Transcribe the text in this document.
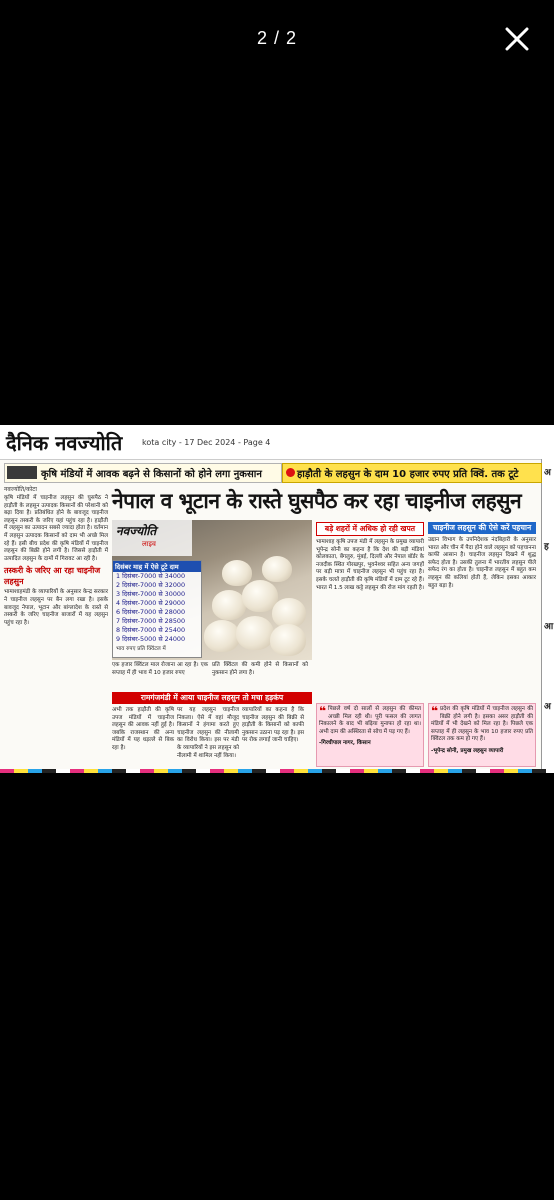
2 / 2
दैनिक नवज्योति kota city - 17 Dec 2024 - Page 4
अ
ह
आ
अ
कृषि मंडियों में आवक बढ़ने से किसानों को होने लगा नुकसान	हाड़ौती के लहसुन के दाम 10 हजार रुपए प्रति क्विं. तक टूटे
नवज्योति/कोटा
कृषि मंडियों में चाइनीज लहसुन की घुसपैठ ने हाड़ौती के लहसुन उत्पादक किसानों की परेशानी को बढ़ा दिया है। प्रतिबंधित होने के बावजूद चाइनीज लहसुन तस्करी के जरिए यहां पहुंच रहा है। हाड़ौती में लहसुन का उत्पादन सबसे ज्यादा होता है। वर्तमान में लहसुन उत्पादक किसानों को दाम भी अच्छे मिल रहे हैं। इसी बीच प्रदेश की कृषि मंडियों में चाइनीज लहसुन की बिक्री होने लगी है। जिससे हाड़ौती में उत्पादित लहसुन के दामों में गिरावट आ रही है।
तस्करी के जरिए आ रहा चाइनीज लहसुन
भामाशाहमंडी के व्यापारियों के अनुसार केन्द्र सरकार ने चाइनीज लहसुन पर बैन लगा रखा है। इसके बावजूद नेपाल, भूटान और बांग्लादेश के रास्ते से तस्करी के जरिए चाइनीज बाजारों में यह लहसुन पहुंच रहा है।
नेपाल व भूटान के रास्ते घुसपैठ कर रहा चाइनीज लहसुन
नवज्योति
लाइव
दिसंबर माह में ऐसे टूटे दाम
1 दिसंबर-7000 से 34000
2 दिसंबर-7000 से 32000
3 दिसंबर-7000 से 30000
4 दिसंबर-7000 से 29000
6 दिसंबर-7000 से 28000
7 दिसंबर-7000 से 28500
8 दिसंबर-7000 से 25400
9 दिसंबर-5000 से 24000
भाव रुपए प्रति क्विंटल में
एक हजार क्विंटल माल रोजाना आ रहा है। एक सप्ताह में ही भाव में 10 हजार रुपएप्रति क्विंटल की कमी होने से किसानों को नुकसान होने लगा है।
रामगंजमंडी में आया चाइनीज लहसुन तो मचा हड़कंप
अभी तक हाड़ौती की कृषि उपज मंडियों में चाइनीज लहसुन की आवक नहीं हुई है। जबकि राजस्थान की अन्य मंडियों में यह धड़ल्ले से बिक रहा है।पर यह लहसुन चाइनीज निकला। ऐसे में वहां मौजूद किसानों ने हंगामा करते हुए चाइनीज लहसुन की नीलामी का विरोध किया। इस पर मंडी के व्यापारियों ने इस लहसुन को नीलामी में शामिल नहीं किया।व्यापारियों का कहना है कि चाइनीज लहसुन की बिक्री से हाड़ौती के किसानों को काफी नुकसान उठाना पड़ रहा है। इस पर रोक लगाई जानी चाहिए।
बड़े शहरों में अधिक हो रही खपत
भामाशाह कृषि उपज मंडी में लहसुन के प्रमुख व्यापारी भूपेन्द्र सोनी का कहना है कि देश की बड़ी मंडियां कोलकाता, बेंगलुरु, मुंबई, दिल्ली और नेपाल बॉर्डर के नजदीक स्थित गोरखपुर, भुवनेश्वर सहित अन्य जगहों पर बड़ी मात्रा में चाइनीज लहसुन भी पहुंच रहा है। इसके चलते हाड़ौती की कृषि मंडियों में दाम टूट रहे हैं। भारत में 1.5 लाख कट्टे लहसुन की रोज मांग रहती है।
❝ पिछले वर्ष दो सालों से लहसुन की कीमत अच्छी मिल रही थी। पूरी फसल की लागत निकालने के बाद भी बढ़िया मुनाफा हो रहा था। अभी दाम की अस्थिरता से सोच में पड़ गए हैं।
-गिरधीपाल नागर, किसान
चाइनीज लहसुन की ऐसे करें पहचान
उद्यान विभाग के उपनिदेशक नंदबिहारी के अनुसार भारत और चीन में पैदा होने वाले लहसुन को पहचानना काफी आसान है। चाइनीज लहसुन दिखने में शुद्ध सफेद होता है। उसकी तुलना में भारतीय लहसुन पीले सफेद रंग का होता है। चाइनीज लहसुन में बहुत कम लहसुन की कलियां होती हैं, लेकिन इसका आकार बहुत बड़ा है।
❝ प्रदेश की कृषि मंडियों में चाइनीज लहसुन की बिक्री होने लगी है। इसका असर हाड़ौती की मंडियों में भी देखने को मिल रहा है। पिछले एक सप्ताह में ही लहसुन के भाव 10 हजार रुपए प्रति क्विंटल तक कम हो गए हैं।
-भूपेन्द्र सोनी, प्रमुख लहसुन व्यापारी
